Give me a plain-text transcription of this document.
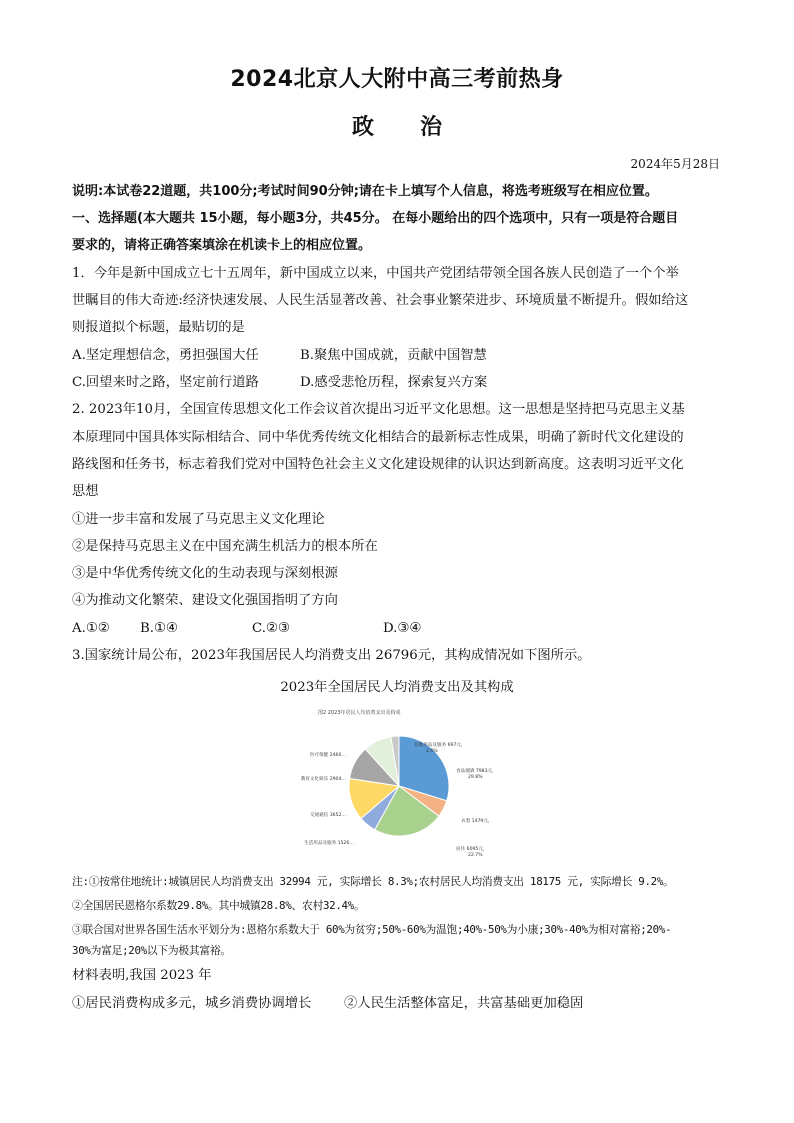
2024北京人大附中高三考前热身
政治
2024年5月28日
说明:本试卷22道题，共100分;考试时间90分钟;请在卡上填写个人信息，将选考班级写在相应位置。
一、选择题(本大题共 15小题，每小题3分，共45分。 在每小题给出的四个选项中，只有一项是符合题目
要求的，请将正确答案填涂在机读卡上的相应位置。
1．今年是新中国成立七十五周年，新中国成立以来，中国共产党团结带领全国各族人民创造了一个个举
世瞩目的伟大奇迹:经济快速发展、人民生活显著改善、社会事业繁荣进步、环境质量不断提升。假如给这
则报道拟个标题，最贴切的是
A.坚定理想信念，勇担强国大任	B.聚焦中国成就，贡献中国智慧
C.回望来时之路，坚定前行道路	D.感受悲怆历程，探索复兴方案
2. 2023年10月，全国宣传思想文化工作会议首次提出习近平文化思想。这一思想是坚持把马克思主义基
本原理同中国具体实际相结合、同中华优秀传统文化相结合的最新标志性成果，明确了新时代文化建设的
路线图和任务书，标志着我们党对中国特色社会主义文化建设规律的认识达到新高度。这表明习近平文化
思想
①进一步丰富和发展了马克思主义文化理论
②是保持马克思主义在中国充满生机活力的根本所在
③是中华优秀传统文化的生动表现与深刻根源
④为推动文化繁荣、建设文化强国指明了方向
A.①② B.①④	C.②③	D.③④
3.国家统计局公布，2023年我国居民人均消费支出 26796元，其构成情况如下图所示。
2023年全国居民人均消费支出及其构成
图2 2023年居民人均消费支出及构成
食品烟酒 7983元，
29.8%
衣着 1479元，
居住 6095元，
22.7%
生活用品及服务 1526…
交通通信 3652…
教育文化娱乐 2904…
医疗保健 2460…
其他用品及服务 697元，
2.6%
注:①按常住地统计:城镇居民人均消费支出 32994 元, 实际增长 8.3%;农村居民人均消费支出 18175 元, 实际增长 9.2%。
②全国居民恩格尔系数29.8%。其中城镇28.8%、农村32.4%。
③联合国对世界各国生活水平划分为:恩格尔系数大于 60%为贫穷;50%-60%为温饱;40%-50%为小康;30%-40%为相对富裕;20%-
30%为富足;20%以下为极其富裕。
材料表明,我国 2023 年
①居民消费构成多元，城乡消费协调增长 ②人民生活整体富足，共富基础更加稳固
